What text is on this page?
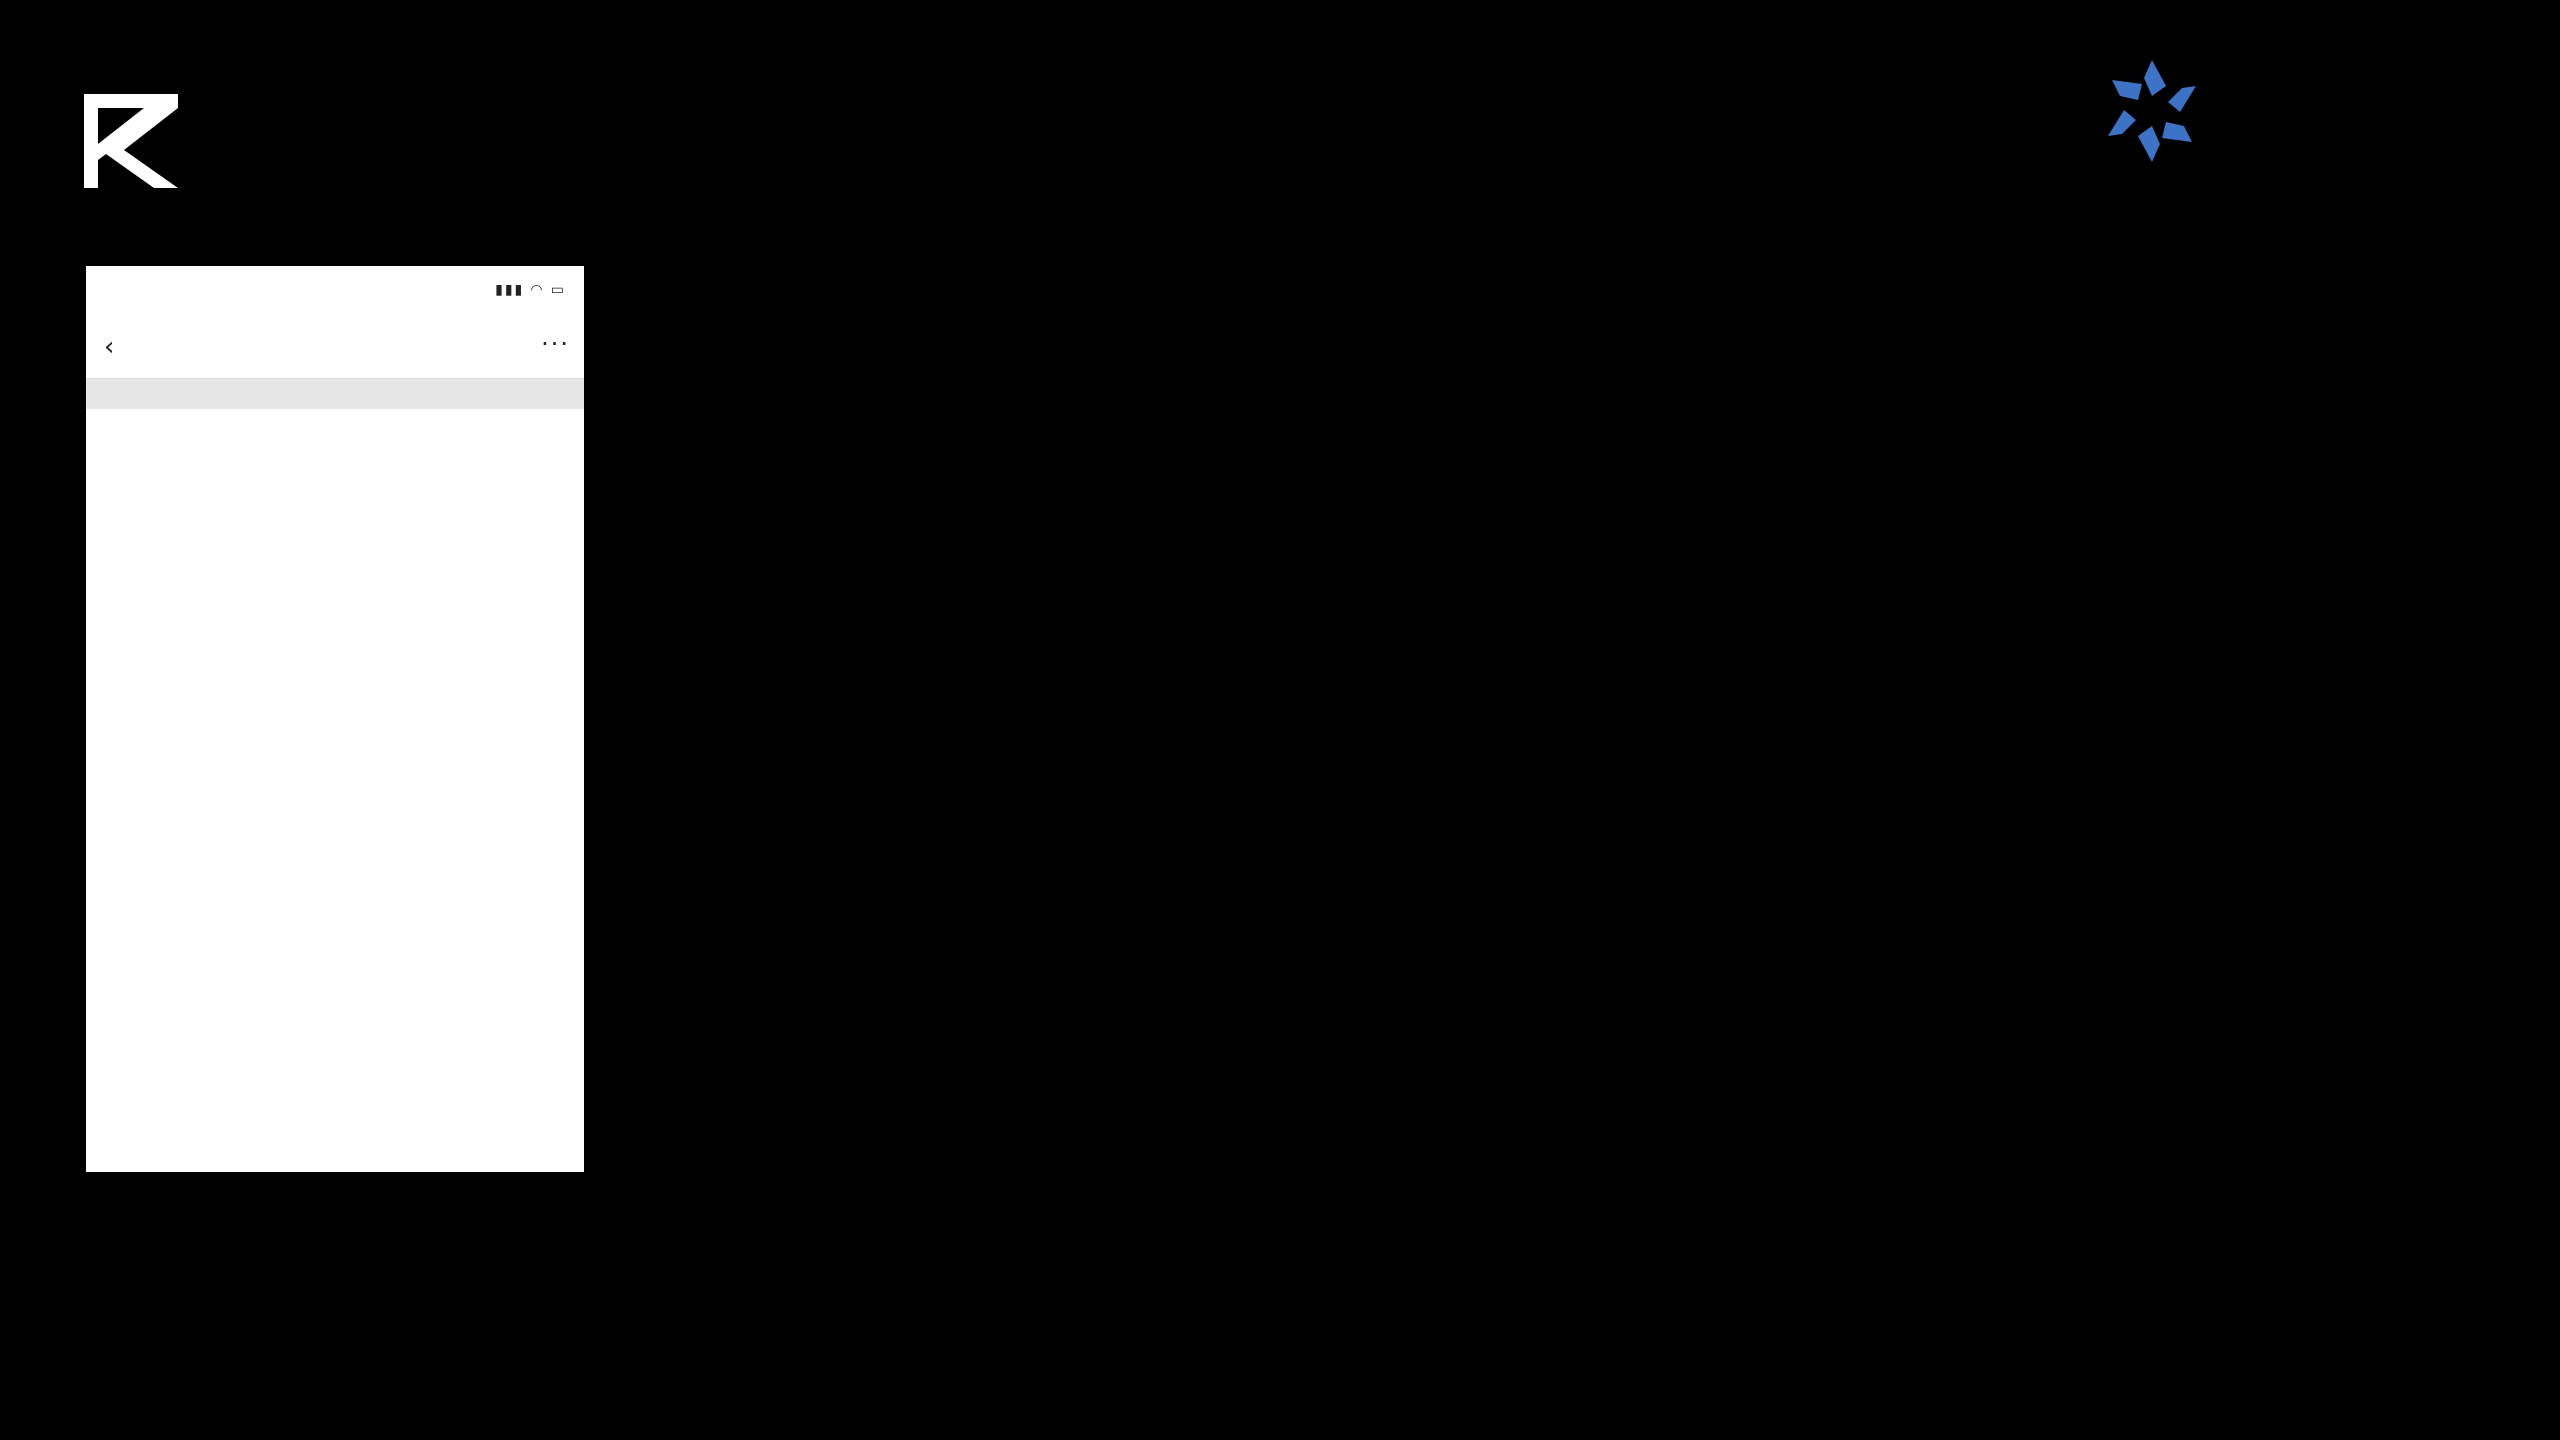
▮▮▮ ◠ ▭
‹	···
